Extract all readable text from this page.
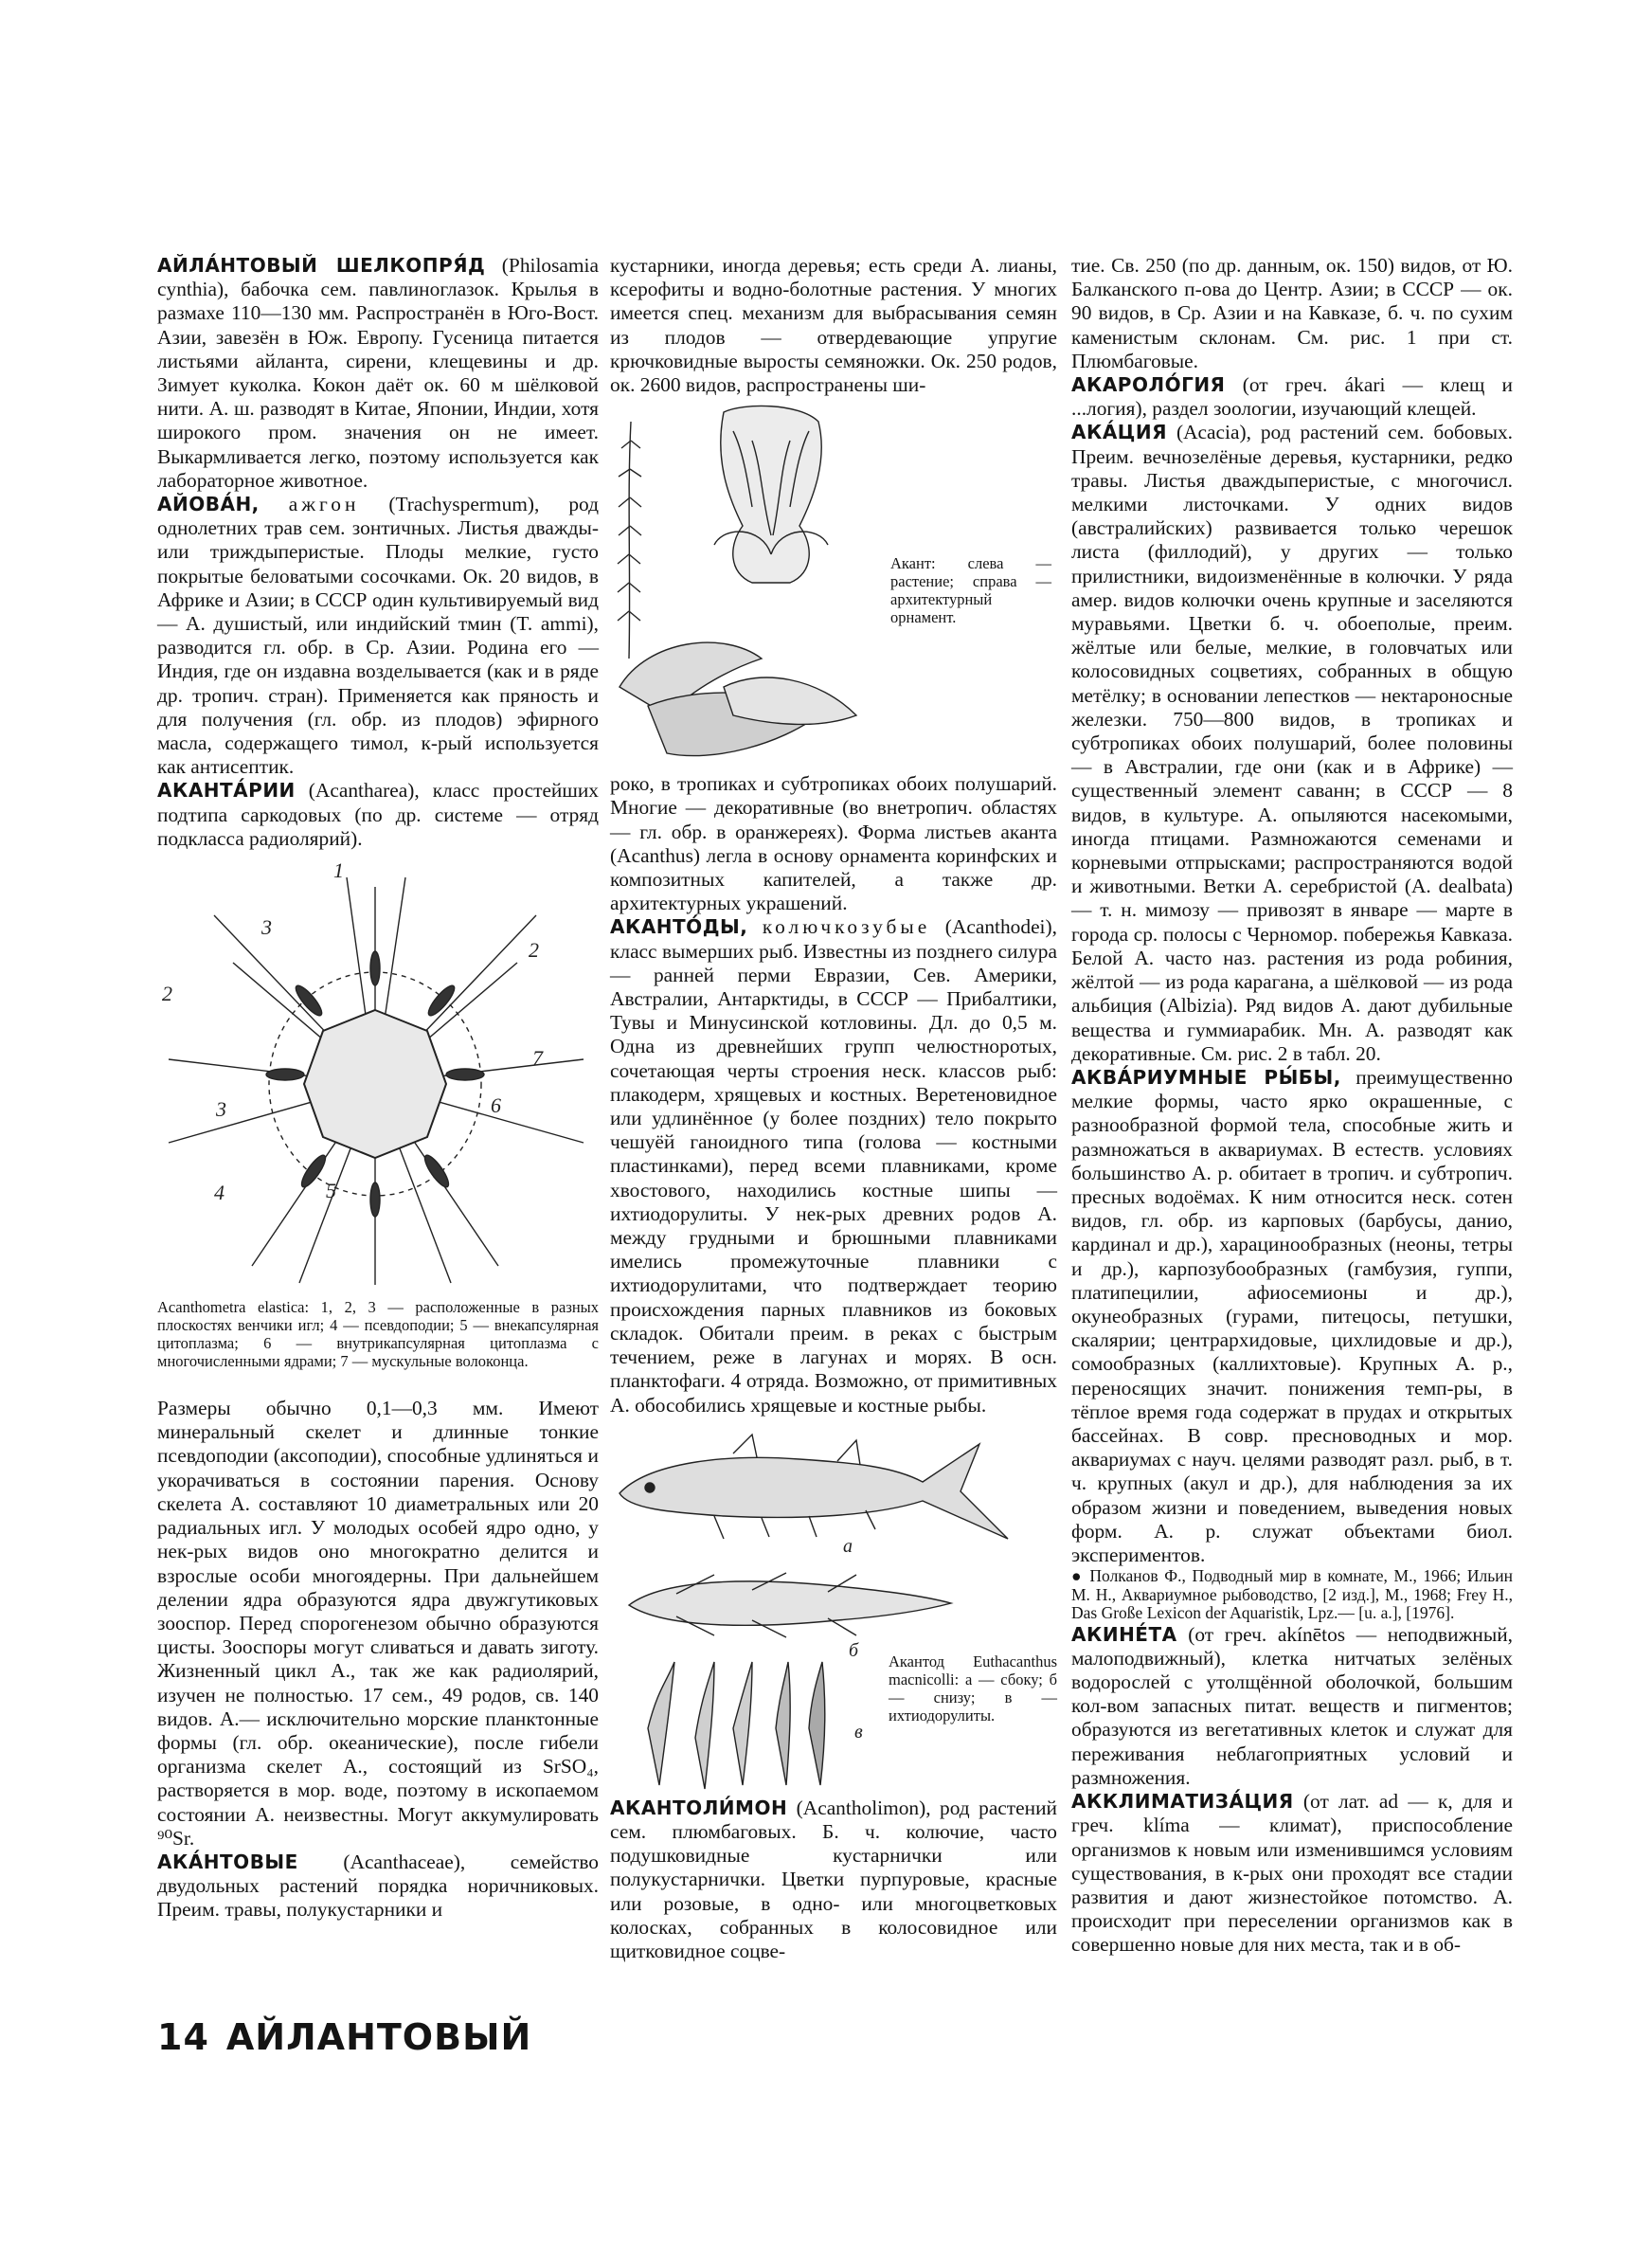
АЙЛА́НТОВЫЙ ШЕЛКОПРЯ́Д (Philosamia cynthia), бабочка сем. павлиноглазок. Крылья в размахе 110—130 мм. Распространён в Юго-Вост. Азии, завезён в Юж. Европу. Гусеница питается листьями айланта, сирени, клещевины и др. Зимует куколка. Кокон даёт ок. 60 м шёлковой нити. А. ш. разводят в Китае, Японии, Индии, хотя широкого пром. значения он не имеет. Выкармливается легко, поэтому используется как лабораторное животное.

АЙОВА́Н, ажгон (Trachyspermum), род однолетних трав сем. зонтичных. Листья дважды- или триждыперистые. Плоды мелкие, густо покрытые беловатыми сосочками. Ок. 20 видов, в Африке и Азии; в СССР один культивируемый вид — А. душистый, или индийский тмин (T. ammi), разводится гл. обр. в Ср. Азии. Родина его — Индия, где он издавна возделывается (как и в ряде др. тропич. стран). Применяется как пряность и для получения (гл. обр. из плодов) эфирного масла, содержащего тимол, к-рый используется как антисептик.

АКАНТА́РИИ (Acantharea), класс простейших подтипа саркодовых (по др. системе — отряд подкласса радиолярий).

1
2
3
2
7
6
3
4	5

Acanthometra elastica: 1, 2, 3 — расположенные в разных плоскостях венчики игл; 4 — псевдоподии; 5 — внекапсулярная цитоплазма; 6 — внутрикапсулярная цитоплазма с многочисленными ядрами; 7 — мускульные волоконца.

Размеры обычно 0,1—0,3 мм. Имеют минеральный скелет и длинные тонкие псевдоподии (аксоподии), способные удлиняться и укорачиваться в состоянии парения. Основу скелета А. составляют 10 диаметральных или 20 радиальных игл. У молодых особей ядро одно, у нек-рых видов оно многократно делится и взрослые особи многоядерны. При дальнейшем делении ядра образуются ядра двужгутиковых зооспор. Перед спорогенезом обычно образуются цисты. Зооспоры могут сливаться и давать зиготу. Жизненный цикл А., так же как радиолярий, изучен не полностью. 17 сем., 49 родов, св. 140 видов. А.— исключительно морские планктонные формы (гл. обр. океанические), после гибели организма скелет А., состоящий из SrSO₄, растворяется в мор. воде, поэтому в ископаемом состоянии А. неизвестны. Могут аккумулировать ⁹⁰Sr.

АКА́НТОВЫЕ (Acanthaceae), семейство двудольных растений порядка норичниковых. Преим. травы, полукустарники и

кустарники, иногда деревья; есть среди А. лианы, ксерофиты и водно-болотные растения. У многих имеется спец. механизм для выбрасывания семян из плодов — отвердевающие упругие крючковидные выросты семяножки. Ок. 250 родов, ок. 2600 видов, распространены ши-

Акант: слева — растение; справа — архитектурный орнамент.

роко, в тропиках и субтропиках обоих полушарий. Многие — декоративные (во внетропич. областях — гл. обр. в оранжереях). Форма листьев аканта (Acanthus) легла в основу орнамента коринфских и композитных капителей, а также др. архитектурных украшений.

АКАНТО́ДЫ, колючкозубые (Acanthodei), класс вымерших рыб. Известны из позднего силура — ранней перми Евразии, Сев. Америки, Австралии, Антарктиды, в СССР — Прибалтики, Тувы и Минусинской котловины. Дл. до 0,5 м. Одна из древнейших групп челюстноротых, сочетающая черты строения неск. классов рыб: плакодерм, хрящевых и костных. Веретеновидное или удлинённое (у более поздних) тело покрыто чешуёй ганоидного типа (голова — костными пластинками), перед всеми плавниками, кроме хвостового, находились костные шипы — ихтиодорулиты. У нек-рых древних родов А. между грудными и брюшными плавниками имелись промежуточные плавники с ихтиодорулитами, что подтверждает теорию происхождения парных плавников из боковых складок. Обитали преим. в реках с быстрым течением, реже в лагунах и морях. В осн. планктофаги. 4 отряда. Возможно, от примитивных А. обособились хрящевые и костные рыбы.

а
б
в

Акантод Euthacanthus macnicolli: а — сбоку; б — снизу; в — ихтиодорулиты.

АКАНТОЛИ́МОН (Acantholimon), род растений сем. плюмбаговых. Б. ч. колючие, часто подушковидные кустарнички или полукустарнички. Цветки пурпуровые, красные или розовые, в одно- или многоцветковых колосках, собранных в колосовидное или щитковидное соцве-

тие. Св. 250 (по др. данным, ок. 150) видов, от Ю. Балканского п-ова до Центр. Азии; в СССР — ок. 90 видов, в Ср. Азии и на Кавказе, б. ч. по сухим каменистым склонам. См. рис. 1 при ст. Плюмбаговые.

АКАРОЛО́ГИЯ (от греч. ákari — клещ и ...логия), раздел зоологии, изучающий клещей.

АКА́ЦИЯ (Acacia), род растений сем. бобовых. Преим. вечнозелёные деревья, кустарники, редко травы. Листья дваждыперистые, с многочисл. мелкими листочками. У одних видов (австралийских) развивается только черешок листа (филлодий), у других — только прилистники, видоизменённые в колючки. У ряда амер. видов колючки очень крупные и заселяются муравьями. Цветки б. ч. обоеполые, преим. жёлтые или белые, мелкие, в головчатых или колосовидных соцветиях, собранных в общую метёлку; в основании лепестков — нектароносные железки. 750—800 видов, в тропиках и субтропиках обоих полушарий, более половины — в Австралии, где они (как и в Африке) — существенный элемент саванн; в СССР — 8 видов, в культуре. А. опыляются насекомыми, иногда птицами. Размножаются семенами и корневыми отпрысками; распространяются водой и животными. Ветки А. серебристой (A. dealbata) — т. н. мимозу — привозят в январе — марте в города ср. полосы с Черномор. побережья Кавказа. Белой А. часто наз. растения из рода робиния, жёлтой — из рода карагана, а шёлковой — из рода альбиция (Albizia). Ряд видов А. дают дубильные вещества и гуммиарабик. Мн. А. разводят как декоративные. См. рис. 2 в табл. 20.

АКВА́РИУМНЫЕ РЫ́БЫ, преимущественно мелкие формы, часто ярко окрашенные, с разнообразной формой тела, способные жить и размножаться в аквариумах. В естеств. условиях большинство А. р. обитает в тропич. и субтропич. пресных водоёмах. К ним относится неск. сотен видов, гл. обр. из карповых (барбусы, данио, кардинал и др.), харацинообразных (неоны, тетры и др.), карпозубообразных (гамбузия, гуппи, платипецилии, афиосемионы и др.), окунеобразных (гурами, питецосы, петушки, скалярии; центрархидовые, цихлидовые и др.), сомообразных (каллихтовые). Крупных А. р., переносящих значит. понижения темп-ры, в тёплое время года содержат в прудах и открытых бассейнах. В совр. пресноводных и мор. аквариумах с науч. целями разводят разл. рыб, в т. ч. крупных (акул и др.), для наблюдения за их образом жизни и поведением, выведения новых форм. А. р. служат объектами биол. экспериментов.

● Полканов Ф., Подводный мир в комнате, М., 1966; Ильин М. Н., Аквариумное рыбоводство, [2 изд.], М., 1968; Frey H., Das Große Lexicon der Aquaristik, Lpz.— [u. a.], [1976].

АКИНЕ́ТА (от греч. akínētos — неподвижный, малоподвижный), клетка нитчатых зелёных водорослей с утолщённой оболочкой, большим кол-вом запасных питат. веществ и пигментов; образуются из вегетативных клеток и служат для переживания неблагоприятных условий и размножения.

АККЛИМАТИЗА́ЦИЯ (от лат. ad — к, для и греч. klíma — климат), приспособление организмов к новым или изменившимся условиям существования, в к-рых они проходят все стадии развития и дают жизнестойкое потомство. А. происходит при переселении организмов как в совершенно новые для них места, так и в об-

14 АЙЛАНТОВЫЙ
